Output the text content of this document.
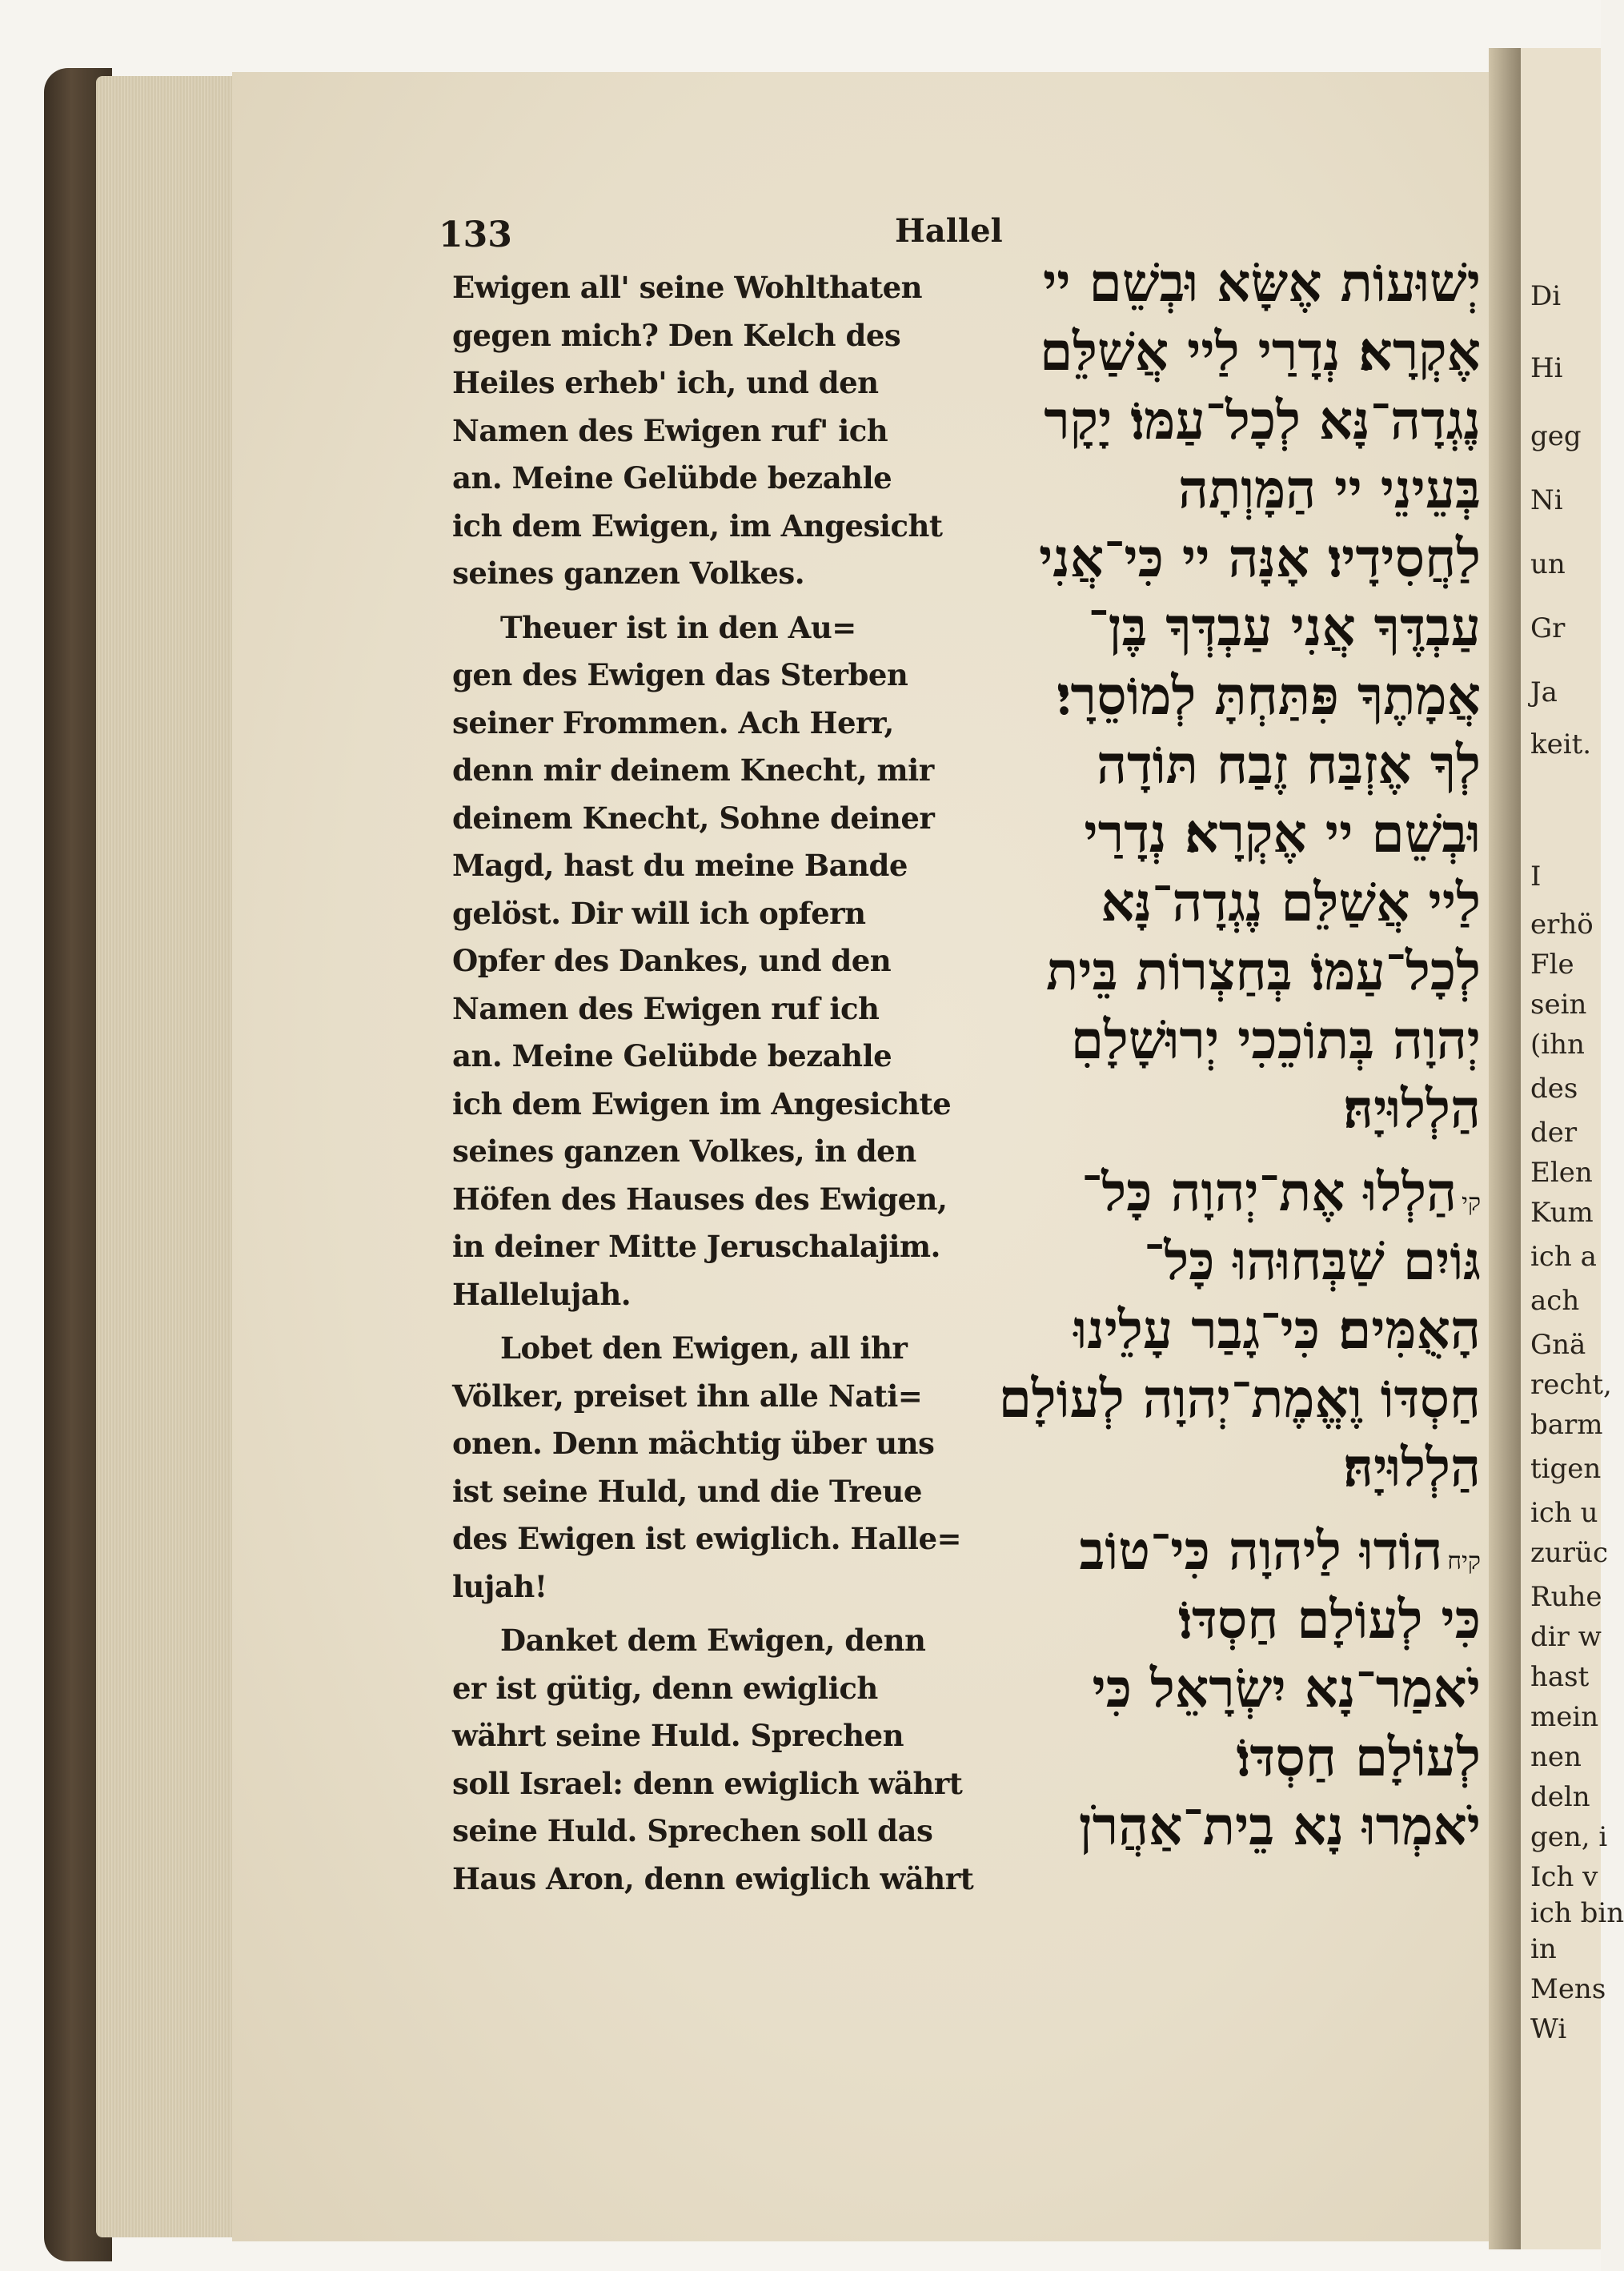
Di
Hi
geg
Ni
un
Gr
Ja
keit.
I
erhö
Fle
sein
(ihn
des
der
Elen
Kum
ich a
ach
Gnä
recht,
barm
tigen
ich u
zurüc
Ruhe
dir w
hast
mein
nen
deln
gen, i
Ich v
ich bin
in
Mens
Wi
133	Hallel
Ewigen all' seine Wohlthaten
gegen mich? Den Kelch des
Heiles erheb' ich, und den
Namen des Ewigen ruf' ich
an. Meine Gelübde bezahle
ich dem Ewigen, im Angesicht
seines ganzen Volkes.
Theuer ist in den Au=
gen des Ewigen das Sterben
seiner Frommen. Ach Herr,
denn mir deinem Knecht, mir
deinem Knecht, Sohne deiner
Magd, hast du meine Bande
gelöst. Dir will ich opfern
Opfer des Dankes, und den
Namen des Ewigen ruf ich
an. Meine Gelübde bezahle
ich dem Ewigen im Angesichte
seines ganzen Volkes, in den
Höfen des Hauses des Ewigen,
in deiner Mitte Jeruschalajim.
Hallelujah.
Lobet den Ewigen, all ihr
Völker, preiset ihn alle Nati=
onen. Denn mächtig über uns
ist seine Huld, und die Treue
des Ewigen ist ewiglich. Halle=
lujah!
Danket dem Ewigen, denn
er ist gütig, denn ewiglich
währt seine Huld. Sprechen
soll Israel: denn ewiglich währt
seine Huld. Sprechen soll das
Haus Aron, denn ewiglich währt
יְשׁוּעוֹת אֶשָּׂא וּבְשֵׁם יי
אֶקְרָא׃ נְדָרַי לַיי אֲשַׁלֵּם
נֶגְדָה־נָּא לְכָל־עַמּוֹ׃ יָקָר
בְּעֵינֵי יי הַמָּוְתָה
לַחֲסִידָיו׃ אָנָּה יי כִּי־אֲנִי
עַבְדֶּךָ אֲנִי עַבְדְּךָ בֶּן־
אֲמָתֶךָ פִּתַּחְתָּ לְמוֹסֵרָי׃
לְךָ אֶזְבַּח זֶבַח תּוֹדָה
וּבְשֵׁם יי אֶקְרָא׃ נְדָרַי
לַיי אֲשַׁלֵּם נֶגְדָה־נָּא
לְכָל־עַמּוֹ׃ בְּחַצְרוֹת בֵּית
יְהוָה בְּתוֹכֵכִי יְרוּשָׁלָםִ
הַלְלוּיָהּ׃
קיהַלְלוּ אֶת־יְהוָה כָּל־
גּוֹיִם שַׁבְּחוּהוּ כָּל־
הָאֻמִּים׃ כִּי־גָבַר עָלֵינוּ
חַסְדּוֹ וֶאֱמֶת־יְהוָה לְעוֹלָם
הַלְלוּיָהּ׃
קיחהוֹדוּ לַיהוָה כִּי־טוֹב
כִּי לְעוֹלָם חַסְדּוֹ׃
יֹאמַר־נָא יִשְׂרָאֵל כִּי
לְעוֹלָם חַסְדּוֹ׃
יֹאמְרוּ נָא בֵית־אַהֲרֹן
